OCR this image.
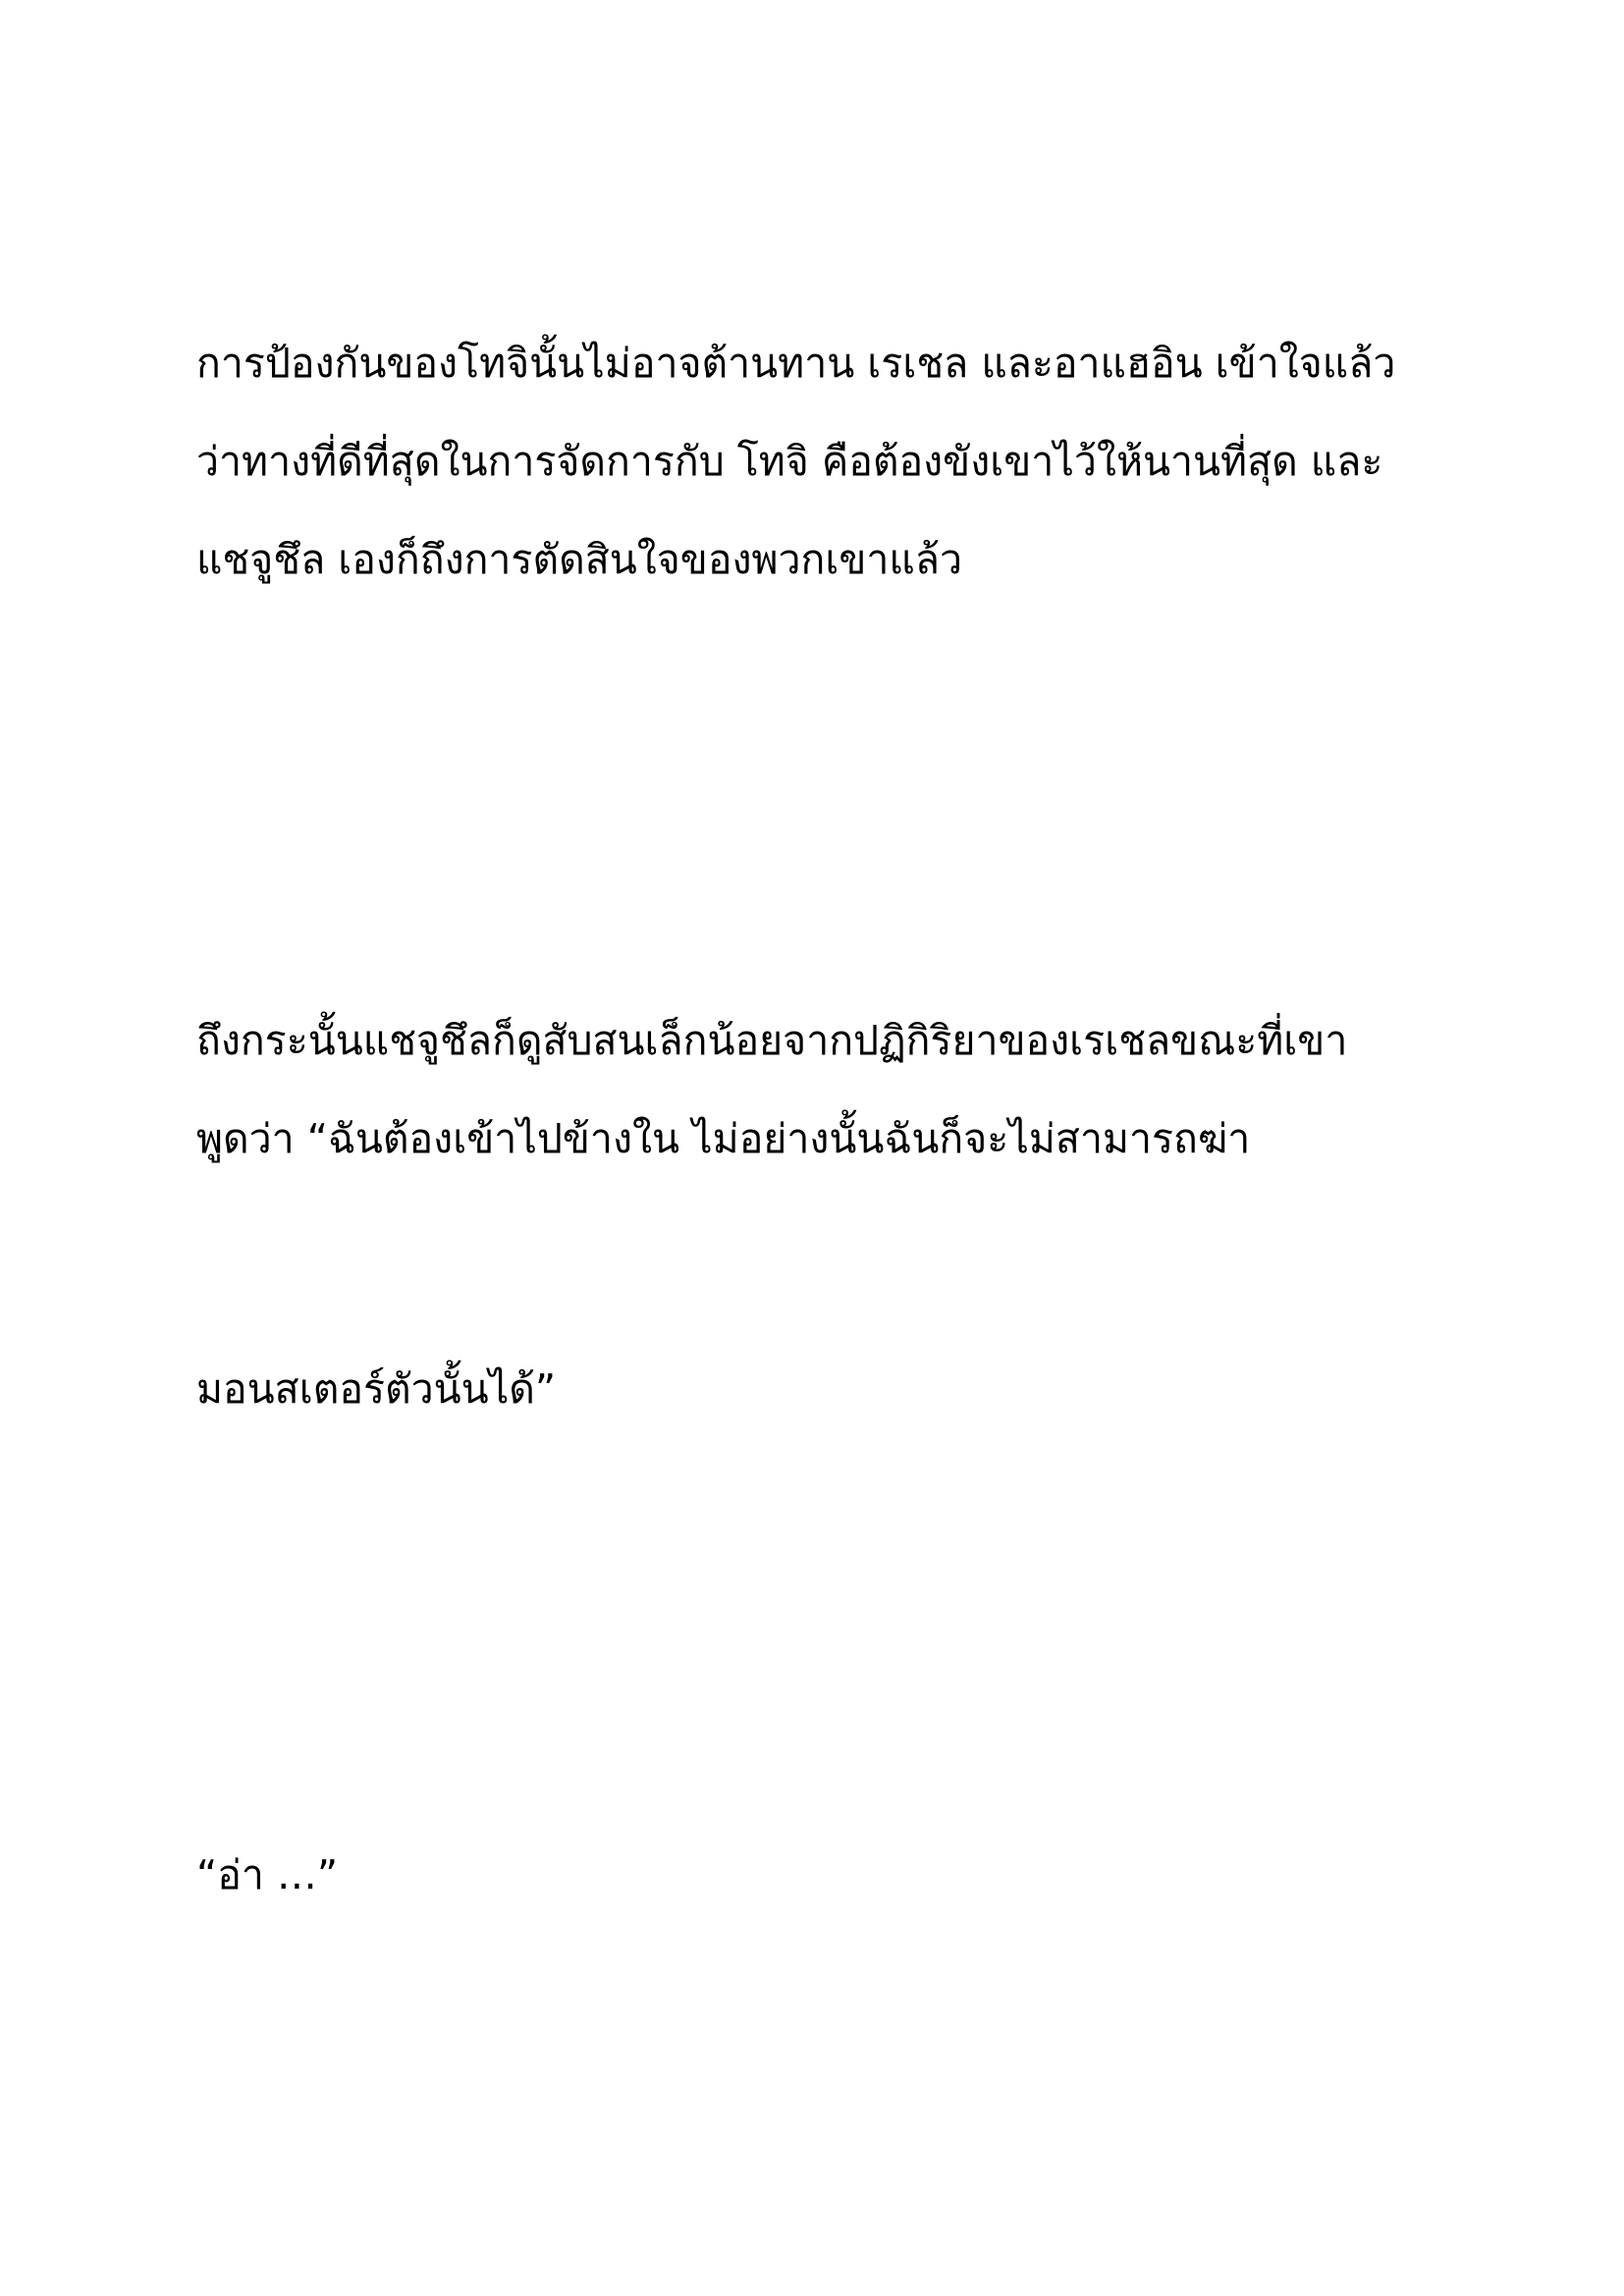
การป้องกันของโทจินั้นไม่อาจต้านทาน เรเชล และอาแฮอิน เข้าใจแล้ว
ว่าทางที่ดีที่สุดในการจัดการกับ โทจิ คือต้องขังเขาไว้ให้นานที่สุด และ
แชจูชึล เองก็ถึงการตัดสินใจของพวกเขาแล้ว
ถึงกระนั้นแชจูชึลก็ดูสับสนเล็กน้อยจากปฏิกิริยาของเรเชลขณะที่เขา
พูดว่า “ฉันต้องเข้าไปข้างใน ไม่อย่างนั้นฉันก็จะไม่สามารถฆ่า
มอนสเตอร์ตัวนั้นได้”
“อ่า …”
